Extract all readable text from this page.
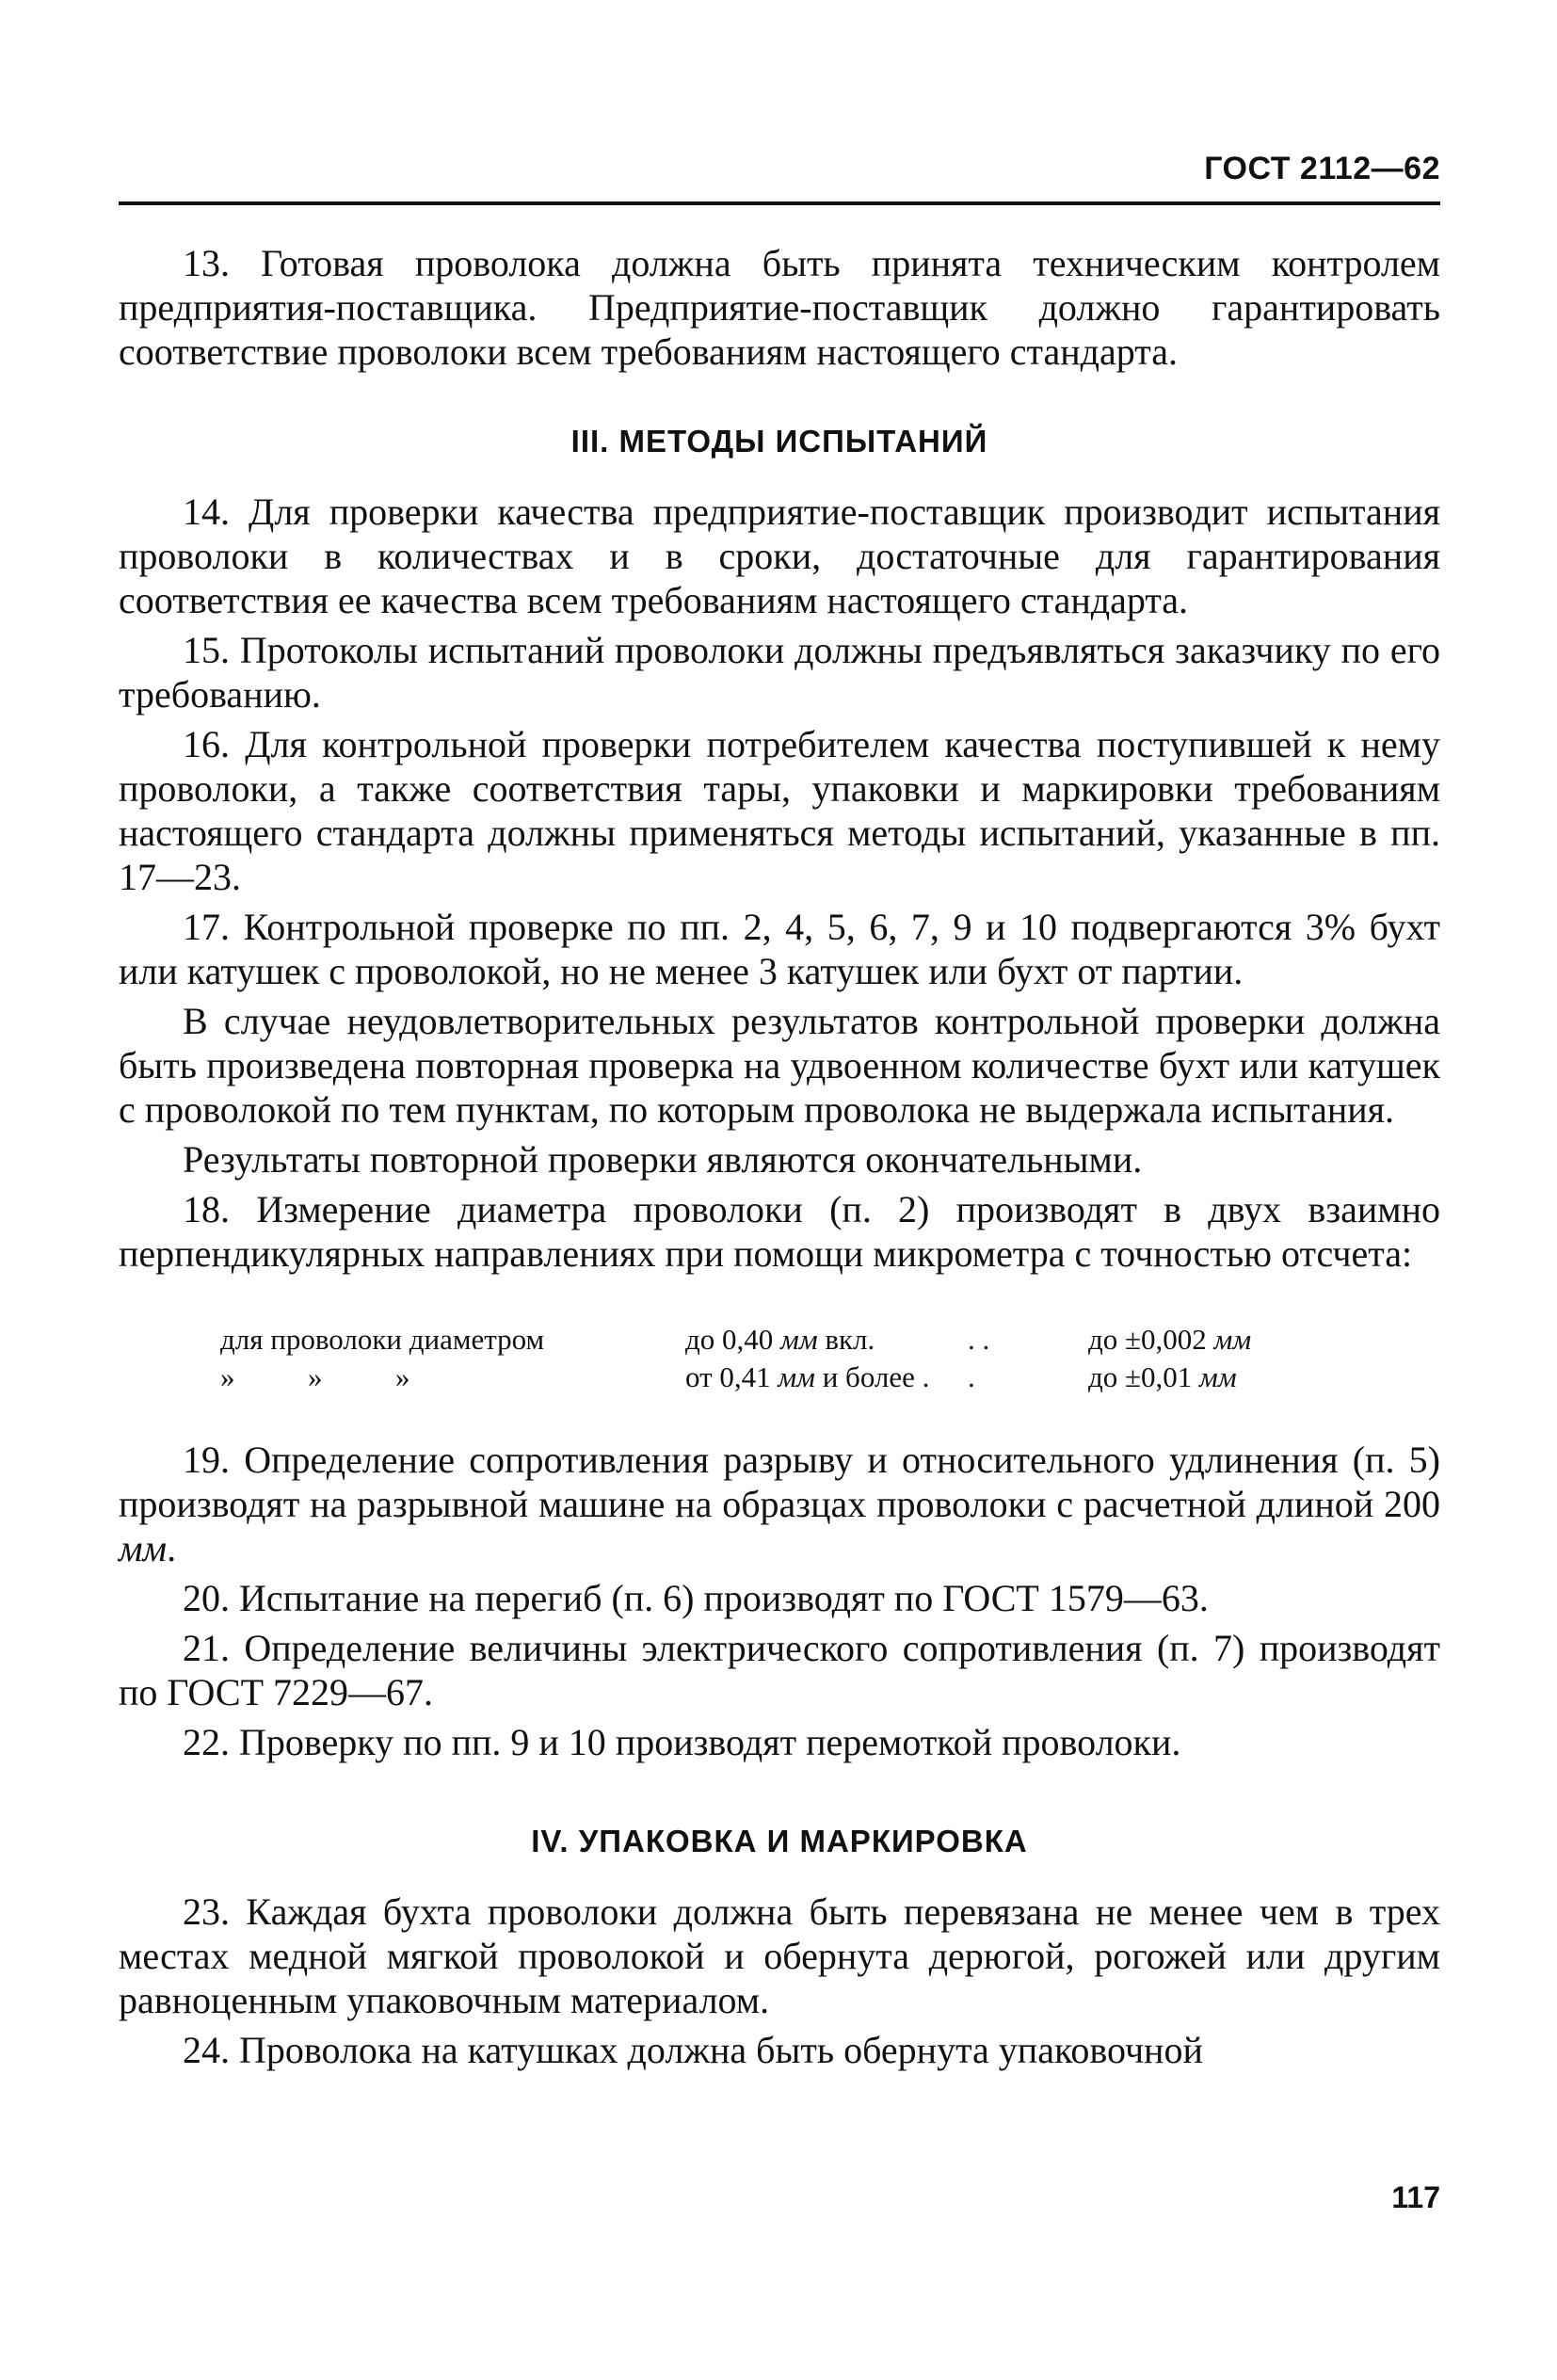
ГОСТ 2112—62

13. Готовая проволока должна быть принята техническим контролем предприятия-поставщика. Предприятие-поставщик должно гарантировать соответствие проволоки всем требованиям настоящего стандарта.

III. МЕТОДЫ ИСПЫТАНИЙ

14. Для проверки качества предприятие-поставщик производит испытания проволоки в количествах и в сроки, достаточные для гарантирования соответствия ее качества всем требованиям настоящего стандарта.

15. Протоколы испытаний проволоки должны предъявляться заказчику по его требованию.

16. Для контрольной проверки потребителем качества поступившей к нему проволоки, а также соответствия тары, упаковки и маркировки требованиям настоящего стандарта должны применяться методы испытаний, указанные в пп. 17—23.

17. Контрольной проверке по пп. 2, 4, 5, 6, 7, 9 и 10 подвергаются 3% бухт или катушек с проволокой, но не менее 3 катушек или бухт от партии.

В случае неудовлетворительных результатов контрольной проверки должна быть произведена повторная проверка на удвоенном количестве бухт или катушек с проволокой по тем пунктам, по которым проволока не выдержала испытания.

Результаты повторной проверки являются окончательными.

18. Измерение диаметра проволоки (п. 2) производят в двух взаимно перпендикулярных направлениях при помощи микрометра с точностью отсчета:

для проволоки диаметром	до 0,40 мм вкл.	. .	до ±0,002 мм
»          »          »	от 0,41 мм и более .	.	до ±0,01 мм

19. Определение сопротивления разрыву и относительного удлинения (п. 5) производят на разрывной машине на образцах проволоки с расчетной длиной 200 мм.

20. Испытание на перегиб (п. 6) производят по ГОСТ 1579—63.

21. Определение величины электрического сопротивления (п. 7) производят по ГОСТ 7229—67.

22. Проверку по пп. 9 и 10 производят перемоткой проволоки.

IV. УПАКОВКА И МАРКИРОВКА

23. Каждая бухта проволоки должна быть перевязана не менее чем в трех местах медной мягкой проволокой и обернута дерюгой, рогожей или другим равноценным упаковочным материалом.

24. Проволока на катушках должна быть обернута упаковочной

117
